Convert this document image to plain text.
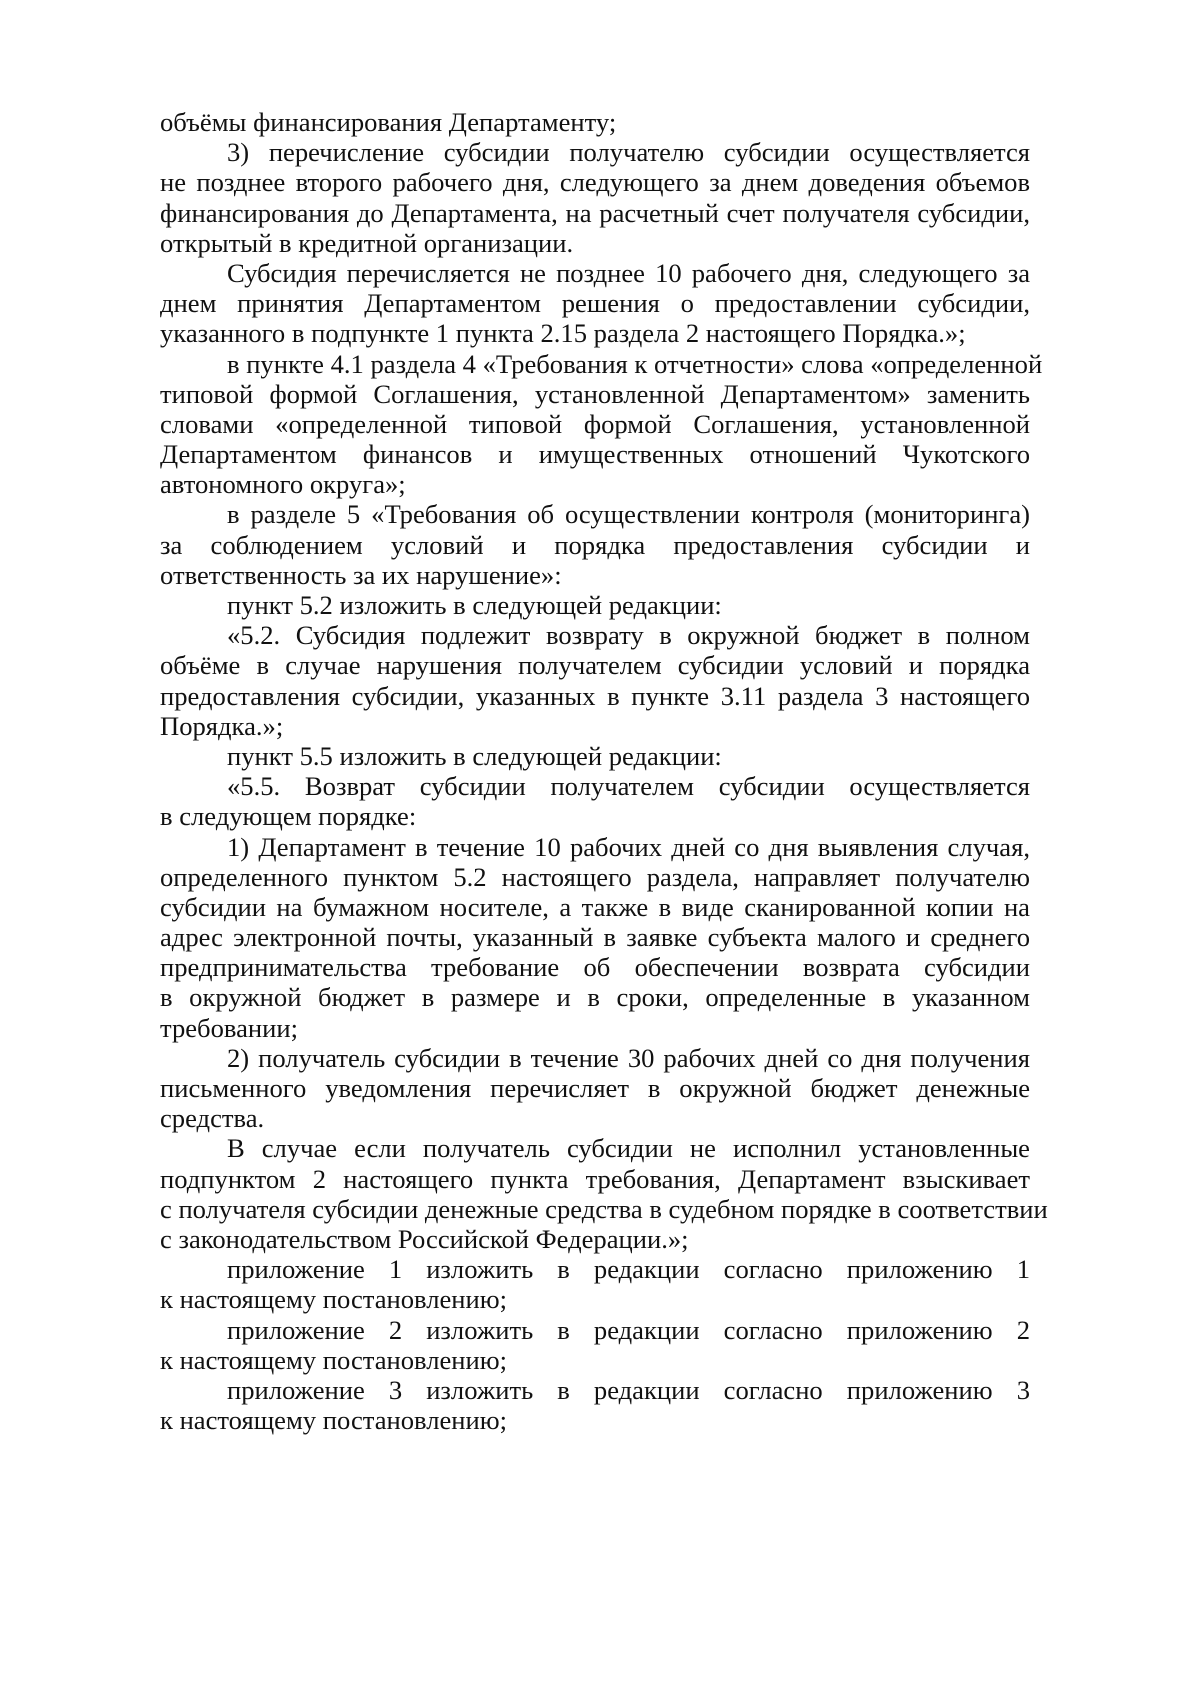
объёмы финансирования Департаменту;
3) перечисление субсидии получателю субсидии осуществляется
не позднее второго рабочего дня, следующего за днем доведения объемов
финансирования до Департамента, на расчетный счет получателя субсидии,
открытый в кредитной организации.
Субсидия перечисляется не позднее 10 рабочего дня, следующего за
днем принятия Департаментом решения о предоставлении субсидии,
указанного в подпункте 1 пункта 2.15 раздела 2 настоящего Порядка.»;
в пункте 4.1 раздела 4 «Требования к отчетности» слова «определенной
типовой формой Соглашения, установленной Департаментом» заменить
словами «определенной типовой формой Соглашения, установленной
Департаментом финансов и имущественных отношений Чукотского
автономного округа»;
в разделе 5 «Требования об осуществлении контроля (мониторинга)
за соблюдением условий и порядка предоставления субсидии и
ответственность за их нарушение»:
пункт 5.2 изложить в следующей редакции:
«5.2. Субсидия подлежит возврату в окружной бюджет в полном
объёме в случае нарушения получателем субсидии условий и порядка
предоставления субсидии, указанных в пункте 3.11 раздела 3 настоящего
Порядка.»;
пункт 5.5 изложить в следующей редакции:
«5.5. Возврат субсидии получателем субсидии осуществляется
в следующем порядке:
1) Департамент в течение 10 рабочих дней со дня выявления случая,
определенного пунктом 5.2 настоящего раздела, направляет получателю
субсидии на бумажном носителе, а также в виде сканированной копии на
адрес электронной почты, указанный в заявке субъекта малого и среднего
предпринимательства требование об обеспечении возврата субсидии
в окружной бюджет в размере и в сроки, определенные в указанном
требовании;
2) получатель субсидии в течение 30 рабочих дней со дня получения
письменного уведомления перечисляет в окружной бюджет денежные
средства.
В случае если получатель субсидии не исполнил установленные
подпунктом 2 настоящего пункта требования, Департамент взыскивает
с получателя субсидии денежные средства в судебном порядке в соответствии
с законодательством Российской Федерации.»;
приложение 1 изложить в редакции согласно приложению 1
к настоящему постановлению;
приложение 2 изложить в редакции согласно приложению 2
к настоящему постановлению;
приложение 3 изложить в редакции согласно приложению 3
к настоящему постановлению;
